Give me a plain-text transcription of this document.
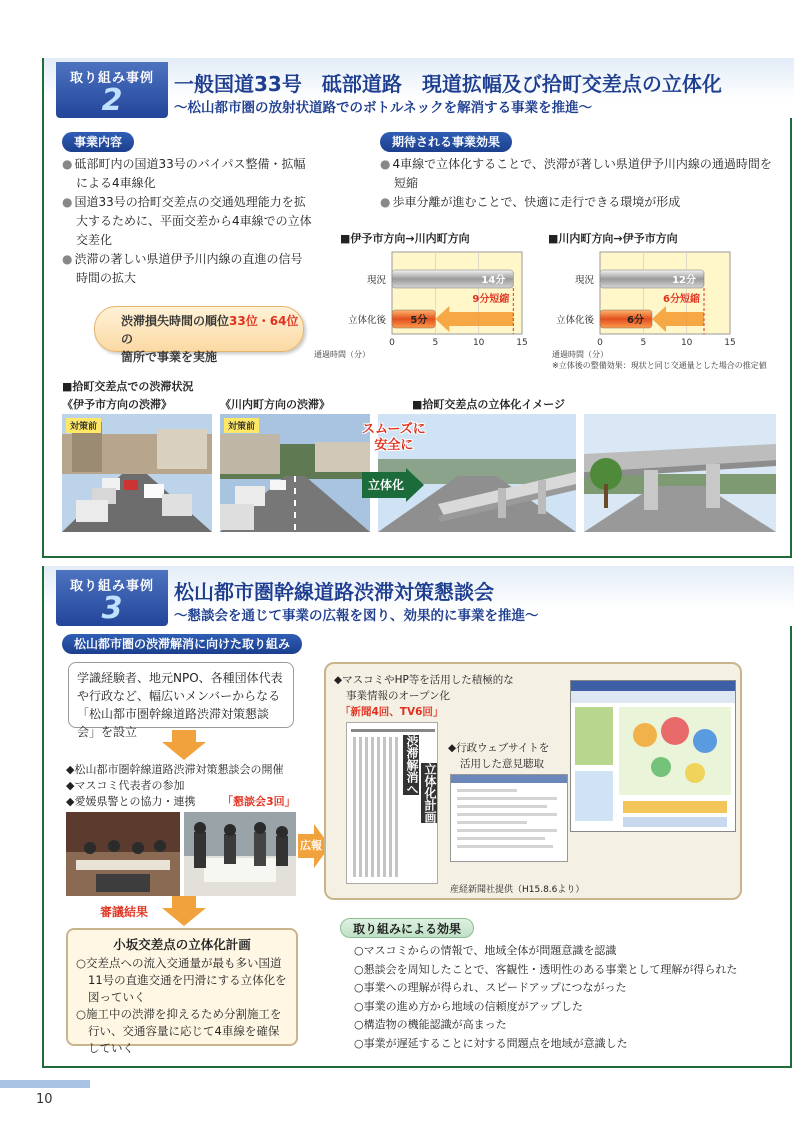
取り組み事例
2	一般国道33号　砥部道路　現道拡幅及び拾町交差点の立体化
～松山都市圏の放射状道路でのボトルネックを解消する事業を推進～
事業内容

● 砥部町内の国道33号のバイパス整備・拡幅による4車線化

● 国道33号の拾町交差点の交通処理能力を拡大するために、平面交差から4車線での立体交差化

● 渋滞の著しい県道伊予川内線の直進の信号時間の拡大

渋滞損失時間の順位33位・64位の
箇所で事業を実施
期待される事業効果

● 4車線で立体化することで、渋滞が著しい県道伊予川内線の通過時間を短縮

● 歩車分離が進むことで、快適に走行できる環境が形成

■伊予市方向→川内町方向
0	5	10	15
現況	14分
立体化後 5分
9分短縮
■川内町方向→伊予市方向
0	5	10	15
現況	12分
立体化後	6分
6分短縮
通過時間（分）	通過時間（分）
※立体後の整備効果：現状と同じ交通量とした場合の推定値
■拾町交差点での渋滞状況
《伊予市方向の渋滞》	《川内町方向の渋滞》	■拾町交差点の立体化イメージ
対策前	対策前	スムーズに
安全に
立体化
取り組み事例
3	松山都市圏幹線道路渋滞対策懇談会
～懇談会を通じて事業の広報を図り、効果的に事業を推進～
松山都市圏の渋滞解消に向けた取り組み
学識経験者、地元NPO、各種団体代表や行政など、幅広いメンバーからなる「松山都市圏幹線道路渋滞対策懇談会」を設立
◆松山都市圏幹線道路渋滞対策懇談会の開催
◆マスコミ代表者の参加
◆愛媛県警との協力・連携 「懇談会3回」
審議結果
小坂交差点の立体化計画
○交差点への流入交通量が最も多い国道11号の直進交通を円滑にする立体化を図っていく
○施工中の渋滞を抑えるため分割施工を行い、交通容量に応じて4車線を確保していく
広報
◆マスコミやHP等を活用した積極的な
事業情報のオープン化
「新聞4回、TV6回」
渋滞解消へ 立体化計画
◆行政ウェブサイトを
活用した意見聴取
産経新聞社提供（H15.8.6より）
取り組みによる効果
○マスコミからの情報で、地域全体が問題意識を認識
○懇談会を周知したことで、客観性・透明性のある事業として理解が得られた
○事業への理解が得られ、スピードアップにつながった
○事業の進め方から地域の信頼度がアップした
○構造物の機能認識が高まった
○事業が遅延することに対する問題点を地域が意識した
10
